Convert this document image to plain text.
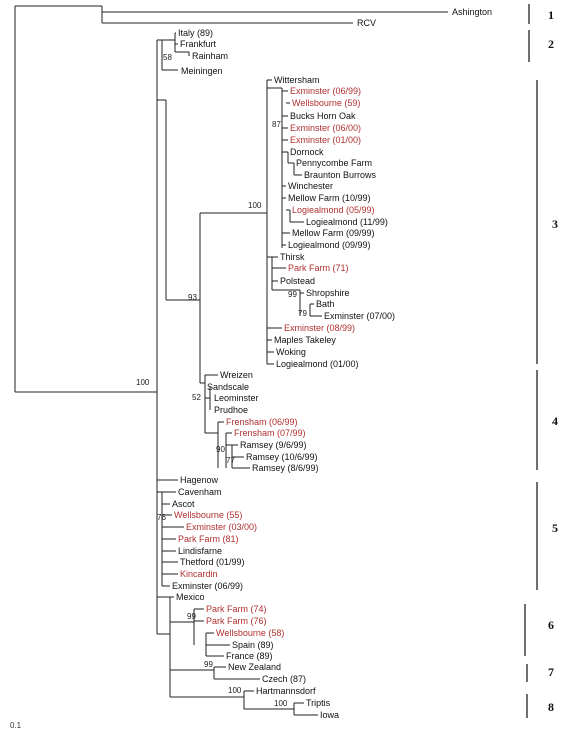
Ashington
RCV
Italy (89)
Frankfurt
Rainham
Meiningen
Wittersham
Exminster (06/99)
Wellsbourne (59)
Bucks Horn Oak
Exminster (06/00)
Exminster (01/00)
Dornock
Pennycombe Farm
Braunton Burrows
Winchester
Mellow Farm (10/99)
Logiealmond (05/99)
Logiealmond (11/99)
Mellow Farm (09/99)
Logiealmond (09/99)
Thirsk
Park Farm (71)
Polstead
Shropshire
Bath
Exminster (07/00)
Exminster (08/99)
Maples Takeley
Woking
Logiealmond (01/00)
Wreizen
Sandscale
Leominster
Prudhoe
Frensham (06/99)
Frensham (07/99)
Ramsey (9/6/99)
Ramsey (10/6/99)
Ramsey (8/6/99)
Hagenow
Cavenham
Ascot
Wellsbourne (55)
Exminster (03/00)
Park Farm (81)
Lindisfarne
Thetford (01/99)
Kincardin
Exminster (06/99)
Mexico
Park Farm (74)
Park Farm (76)
Wellsbourne (58)
Spain (89)
France (89)
New Zealand
Czech (87)
Hartmannsdorf
Triptis
Iowa
58
87
100
99
79
93
100
52
90
77
76
99
99
100
100
1
2
3
4
5
6
7
8
0.1
